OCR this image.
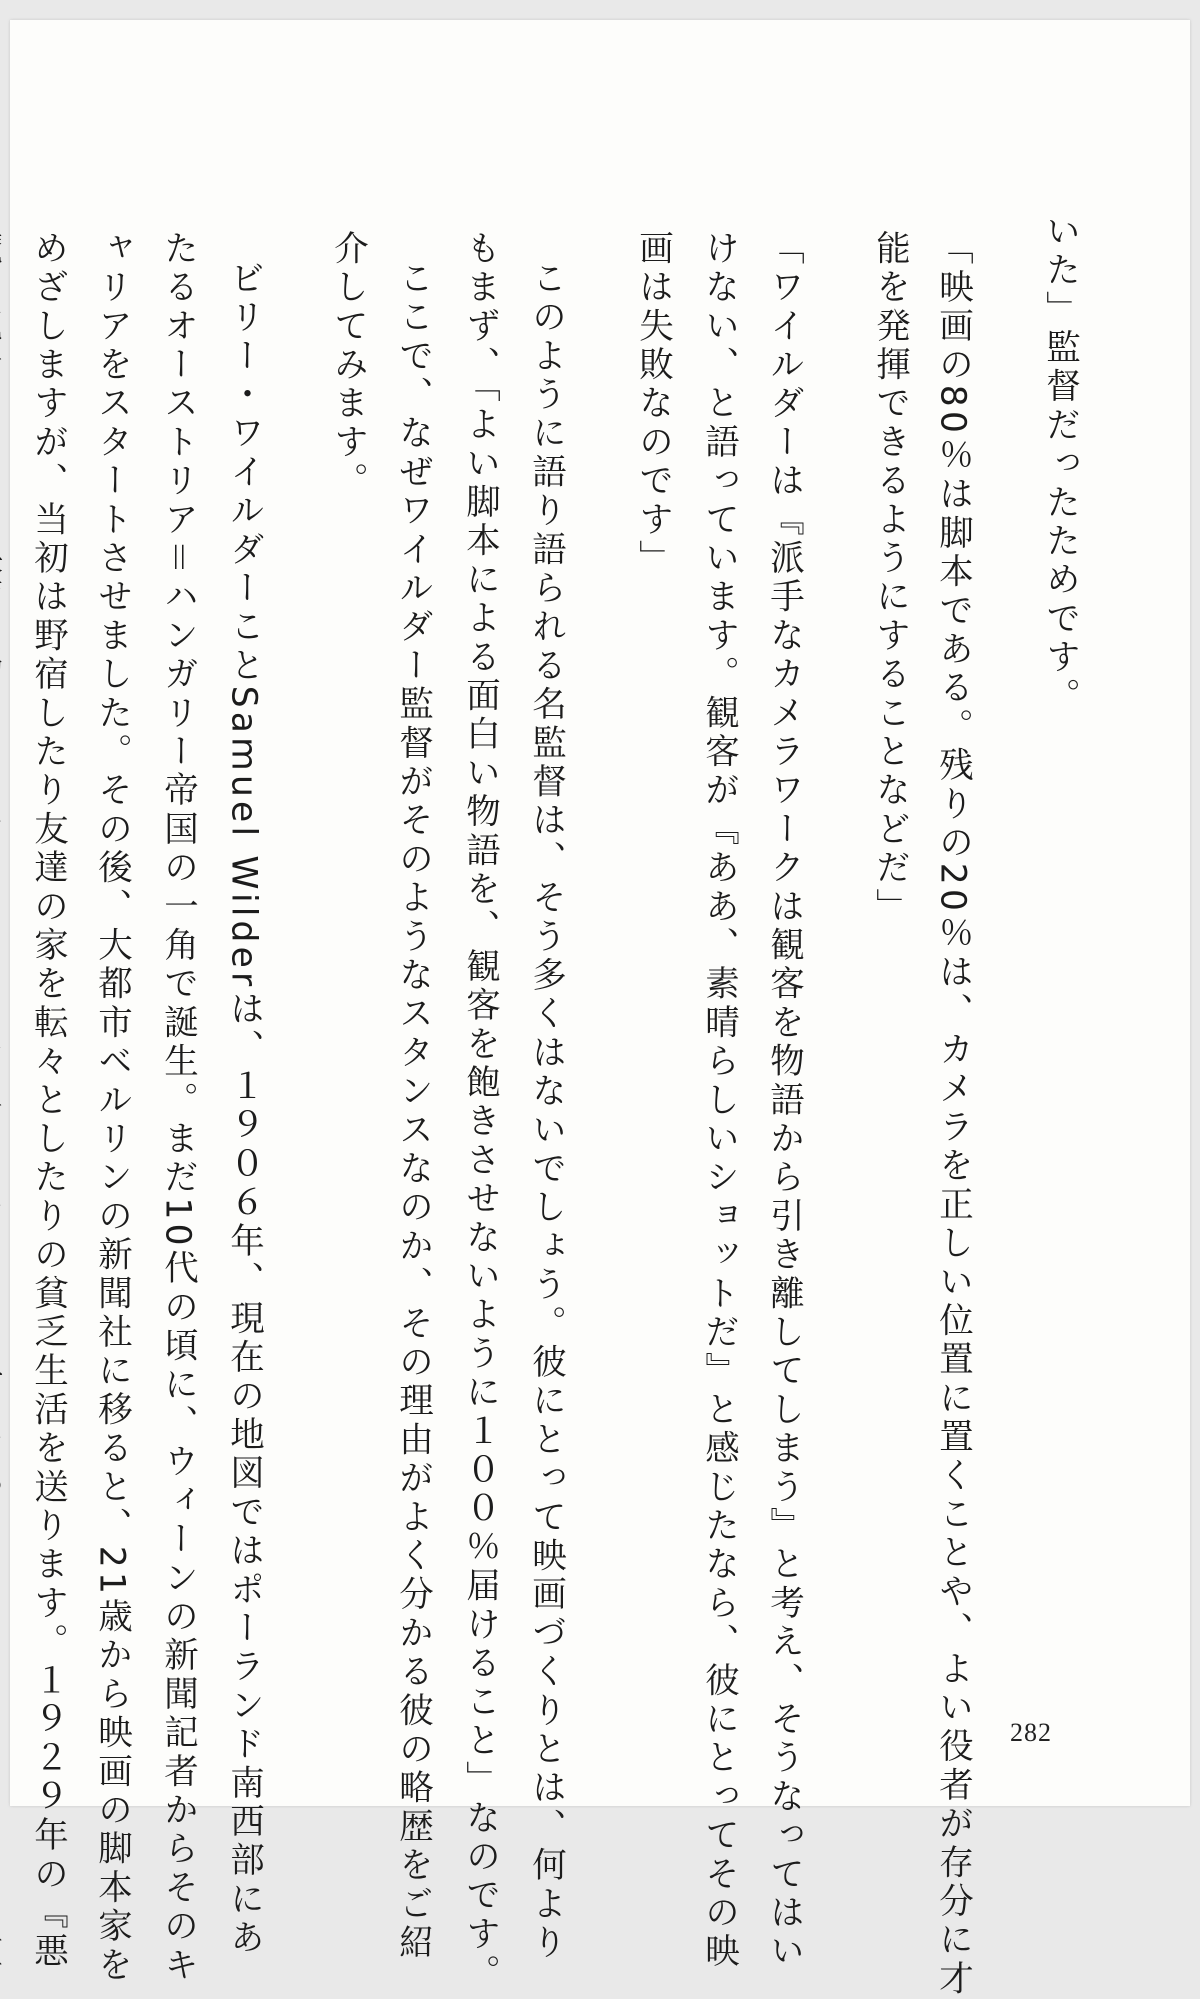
いた」監督だったためです。
「映画の80％は脚本である。残りの20％は、カメラを正しい位置に置くことや、よい役者が存分に才
能を発揮できるようにすることなどだ」
「ワイルダーは『派手なカメラワークは観客を物語から引き離してしまう』と考え、そうなってはい
けない、と語っています。観客が『ああ、素晴らしいショットだ』と感じたなら、彼にとってその映
画は失敗なのです」
このように語り語られる名監督は、そう多くはないでしょう。彼にとって映画づくりとは、何より
もまず、「よい脚本による面白い物語を、観客を飽きさせないように１００％届けること」なのです。
ここで、なぜワイルダー監督がそのようなスタンスなのか、その理由がよく分かる彼の略歴をご紹
介してみます。
ビリー・ワイルダーことSamuel Wilderは、１９０６年、現在の地図ではポーランド南西部にあ
たるオーストリア＝ハンガリー帝国の一角で誕生。まだ10代の頃に、ウィーンの新聞記者からそのキ
ャリアをスタートさせました。その後、大都市ベルリンの新聞社に移ると、21歳から映画の脚本家を
めざしますが、当初は野宿したり友達の家を転々としたりの貧乏生活を送ります。１９２９年の『悪	282
